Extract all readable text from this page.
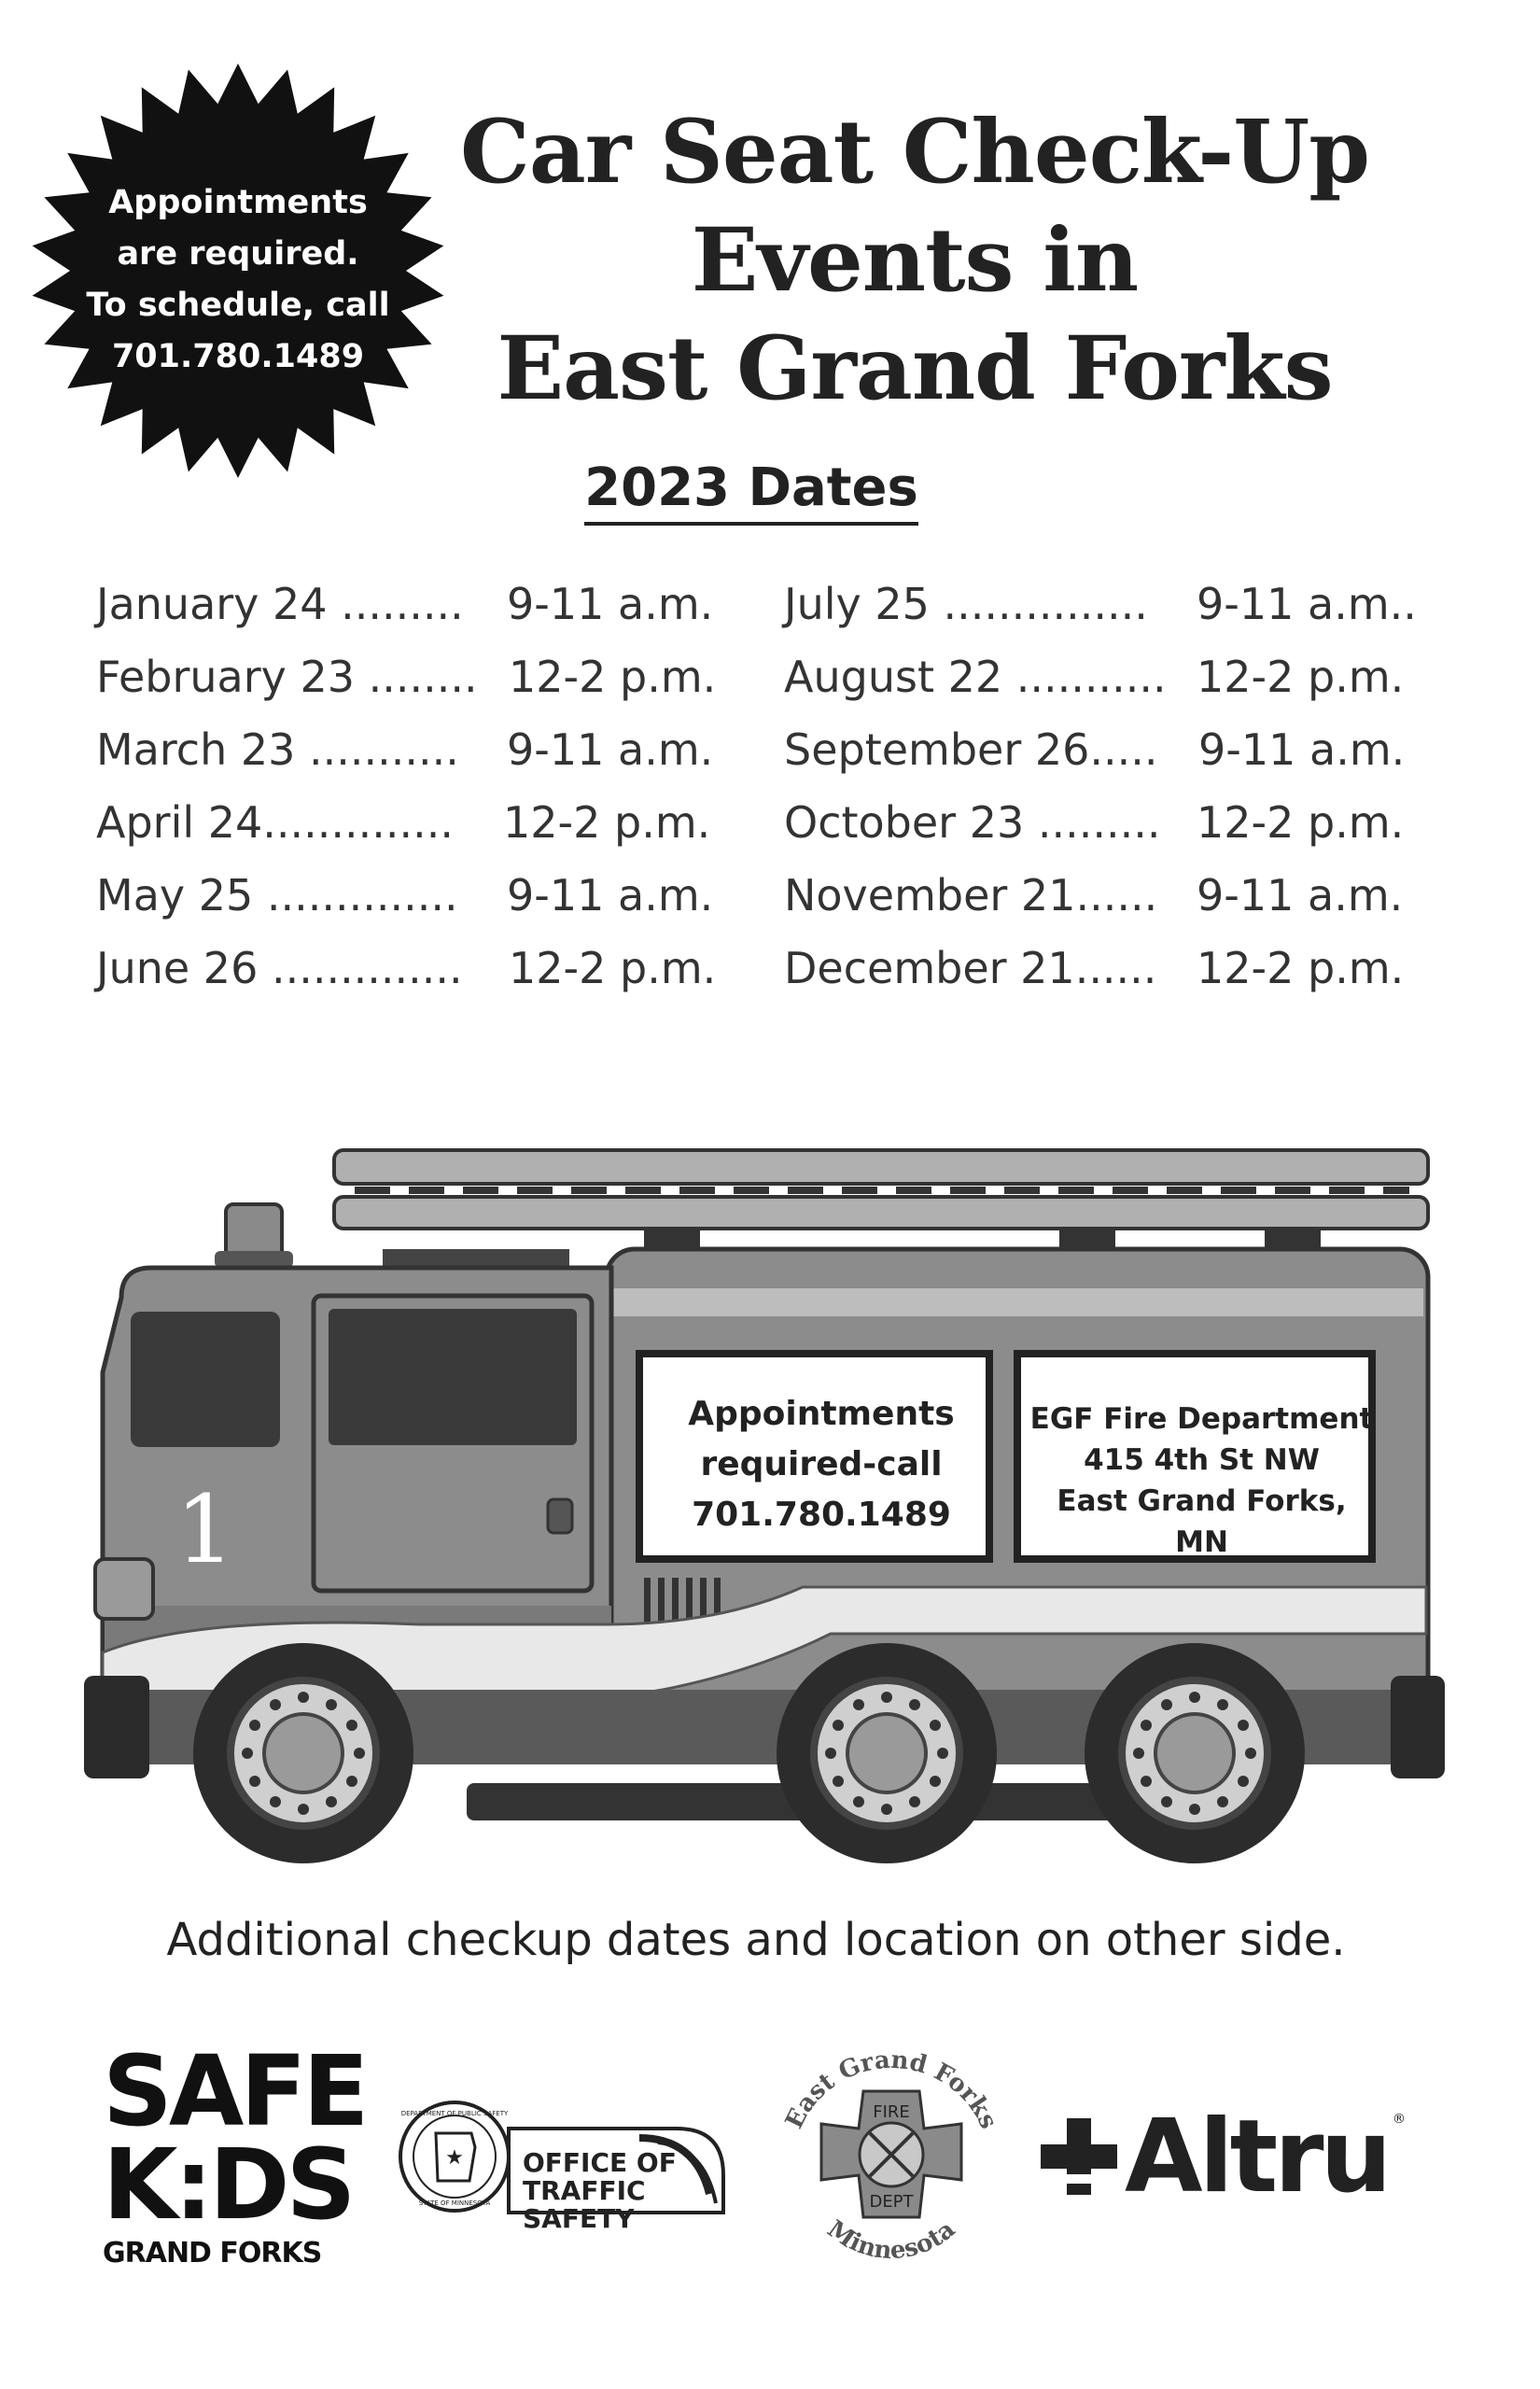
Appointments
are required.
To schedule, call
701.780.1489
Car Seat Check-Up
Events in
East Grand Forks
2023 Dates
January 24 ......... 9-11 a.m.
February 23 ........ 12-2 p.m.
March 23 ........... 9-11 a.m.
April 24.............. 12-2 p.m.
May 25 .............. 9-11 a.m.
June 26 .............. 12-2 p.m.
July 25 ............... 9-11 a.m..
August 22 ........... 12-2 p.m.
September 26..... 9-11 a.m.
October 23 ......... 12-2 p.m.
November 21...... 9-11 a.m.
December 21...... 12-2 p.m.
1
Appointments
required-call
701.780.1489
EGF Fire Department
415 4th St NW
East Grand Forks, MN
Additional checkup dates and location on other side.
SAFE
K:DS
GRAND FORKS
★
DEPARTMENT OF PUBLIC SAFETY
STATE OF MINNESOTA
OFFICE OF
TRAFFIC SAFETY
East Grand Forks
Minnesota
FIRE
DEPT Altru ®
